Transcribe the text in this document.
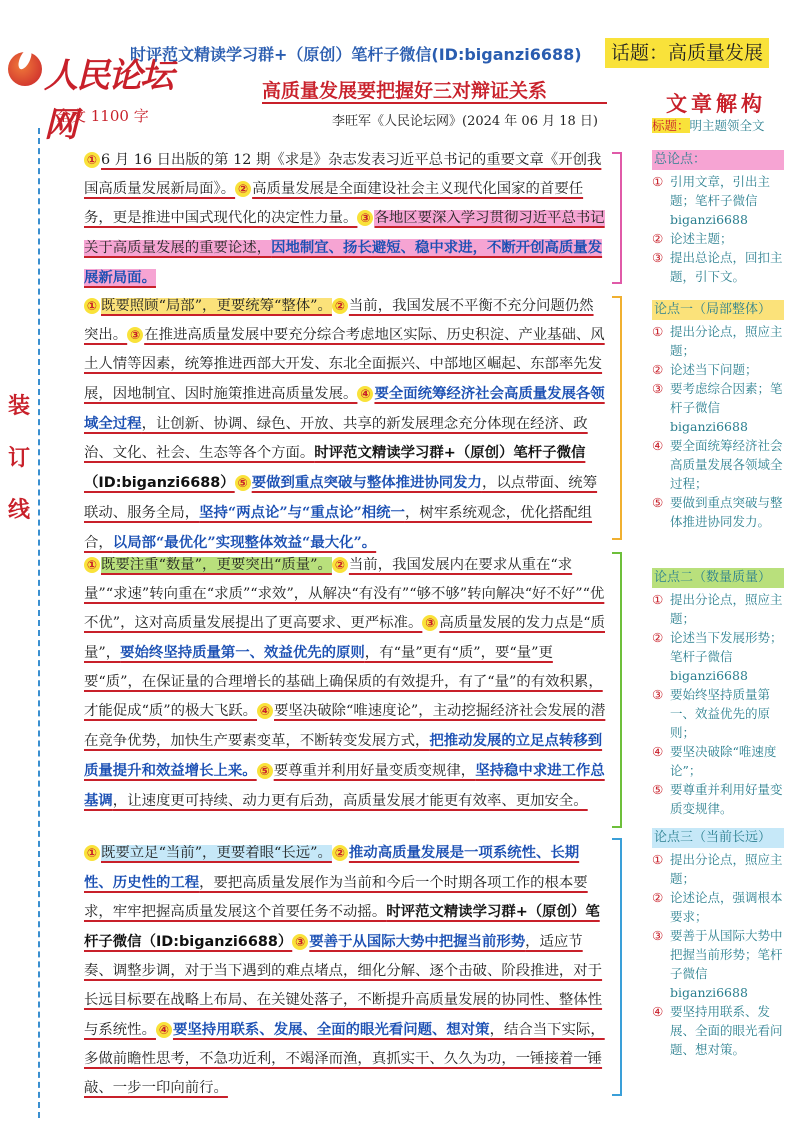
人民论坛网
时评范文精读学习群+（原创）笔杆子微信(ID:biganzi6688)	话题：高质量发展
高质量发展要把握好三对辩证关系
全文 1100 字	李旺军《人民论坛网》(2024 年 06 月 18 日)
装
订
线

① 6 月 16 日出版的第 12 期《求是》杂志发表习近平总书记的重要文章《开创我国高质量发展新局面》。 ② 高质量发展是全面建设社会主义现代化国家的首要任务，更是推进中国式现代化的决定性力量。 ③ 各地区要深入学习贯彻习近平总书记关于高质量发展的重要论述，因地制宜、扬长避短、稳中求进，不断开创高质量发展新局面。

① 既要照顾“局部”，更要统筹“整体”。 ② 当前，我国发展不平衡不充分问题仍然突出。 ③ 在推进高质量发展中要充分综合考虑地区实际、历史积淀、产业基础、风土人情等因素，统筹推进西部大开发、东北全面振兴、中部地区崛起、东部率先发展，因地制宜、因时施策推进高质量发展。 ④ 要全面统筹经济社会高质量发展各领域全过程，让创新、协调、绿色、开放、共享的新发展理念充分体现在经济、政治、文化、社会、生态等各个方面。时评范文精读学习群+（原创）笔杆子微信（ID:biganzi6688） ⑤ 要做到重点突破与整体推进协同发力，以点带面、统筹联动、服务全局，坚持“两点论”与“重点论”相统一，树牢系统观念，优化搭配组合，以局部“最优化”实现整体效益“最大化”。

① 既要注重“数量”，更要突出“质量”。 ② 当前，我国发展内在要求从重在“求量”“求速”转向重在“求质”“求效”，从解决“有没有”“够不够”转向解决“好不好”“优不优”，这对高质量发展提出了更高要求、更严标准。 ③ 高质量发展的发力点是“质量”，要始终坚持质量第一、效益优先的原则，有“量”更有“质”，要“量”更要“质”，在保证量的合理增长的基础上确保质的有效提升，有了“量”的有效积累，才能促成“质”的极大飞跃。 ④ 要坚决破除“唯速度论”，主动挖掘经济社会发展的潜在竞争优势，加快生产要素变革，不断转变发展方式，把推动发展的立足点转移到质量提升和效益增长上来。 ⑤ 要尊重并利用好量变质变规律，坚持稳中求进工作总基调，让速度更可持续、动力更有后劲，高质量发展才能更有效率、更加安全。

① 既要立足“当前”，更要着眼“长远”。 ② 推动高质量发展是一项系统性、长期性、历史性的工程，要把高质量发展作为当前和今后一个时期各项工作的根本要求，牢牢把握高质量发展这个首要任务不动摇。时评范文精读学习群+（原创）笔杆子微信（ID:biganzi6688） ③ 要善于从国际大势中把握当前形势，适应节奏、调整步调，对于当下遇到的难点堵点，细化分解、逐个击破、阶段推进，对于长远目标要在战略上布局、在关键处落子，不断提升高质量发展的协同性、整体性与系统性。 ④ 要坚持用联系、发展、全面的眼光看问题、想对策，结合当下实际，多做前瞻性思考，不急功近利，不竭泽而渔，真抓实干、久久为功，一锤接着一锤敲、一步一印向前行。

文章解构
标题：明主题领全文
总论点：
① 引用文章，引出主题；笔杆子微信 biganzi6688
② 论述主题；
③ 提出总论点，回扣主题，引下文。
论点一（局部整体）
① 提出分论点，照应主题；
② 论述当下问题；
③ 要考虑综合因素；笔杆子微信 biganzi6688
④ 要全面统筹经济社会高质量发展各领域全过程；
⑤ 要做到重点突破与整体推进协同发力。
论点二（数量质量）
① 提出分论点，照应主题；
② 论述当下发展形势；笔杆子微信 biganzi6688
③ 要始终坚持质量第一、效益优先的原则；
④ 要坚决破除“唯速度论”；
⑤ 要尊重并利用好量变质变规律。
论点三（当前长远）
① 提出分论点，照应主题；
② 论述论点，强调根本要求；
③ 要善于从国际大势中把握当前形势；笔杆子微信 biganzi6688
④ 要坚持用联系、发展、全面的眼光看问题、想对策。
